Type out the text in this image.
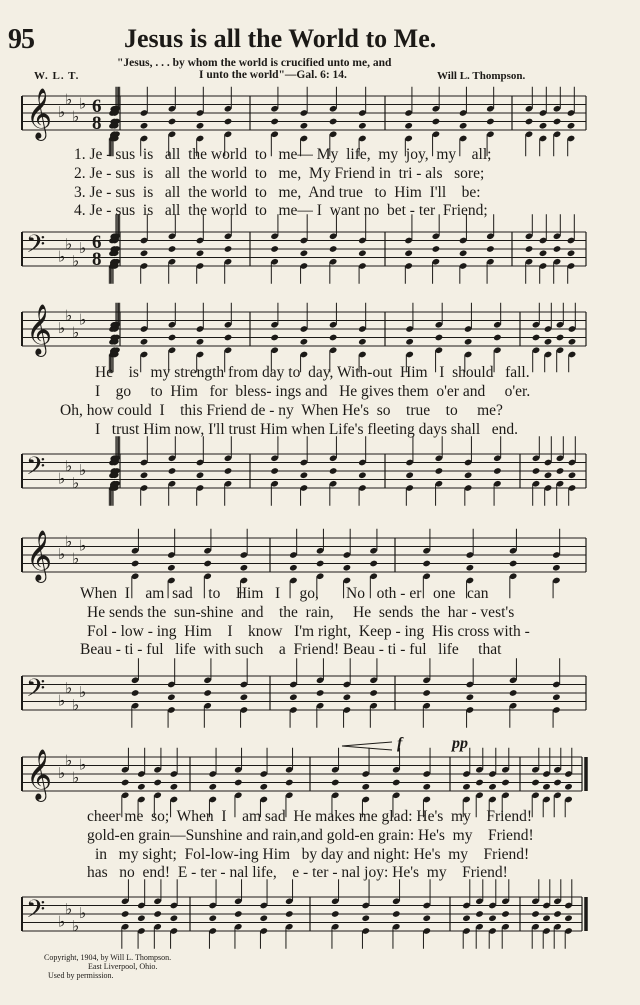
95	Jesus is all the World to Me.
"Jesus, . . . by whom the world is crucified unto me, and
I unto the world"—Gal. 6: 14.
W. L. T.	Will L. Thompson.
𝄞 ♭
♭
♭
♭ 6
8
1. Je - sus  is   all  the world  to   me— My  life,  my  joy,  my    all;
2. Je - sus  is   all  the world  to   me,  My Friend in  tri - als   sore;
3. Je - sus  is   all  the world  to   me,  And true   to  Him  I'll    be:
4. Je - sus  is   all  the world  to   me— I  want no  bet - ter  Friend;
𝄢 ♭
♭
♭
♭ 6
8
𝄞 ♭
♭
♭
♭
He    is   my strength from day to  day, With-out  Him   I  should   fall.
I    go     to  Him   for  bless- ings and   He gives them  o'er and     o'er.
Oh, how could  I    this Friend de - ny  When He's  so    true    to     me?
I   trust Him now, I'll trust Him when Life's fleeting days shall   end.
𝄢 ♭
♭
♭
♭
𝄞 ♭
♭
♭
♭
When  I    am  sad    to    Him   I     go,       No   oth - er   one   can
He sends the  sun-shine  and    the  rain,     He  sends  the  har - vest's
Fol - low - ing  Him    I    know   I'm right,  Keep - ing  His cross with -
Beau - ti - ful   life  with such    a  Friend! Beau - ti - ful   life     that
𝄢 ♭
♭
♭
♭
f	pp
𝄞 ♭
♭
♭
♭
cheer me  so;  When  I    am sad  He makes me glad: He's  my    Friend!
gold-en grain—Sunshine and rain,and gold-en grain: He's  my    Friend!
in   my sight;  Fol-low-ing Him   by day and night: He's  my    Friend!
has   no  end!  E - ter - nal life,    e - ter - nal joy: He's  my    Friend!
𝄢 ♭
♭
♭
♭
Copyright, 1904, by Will L. Thompson.
East Liverpool, Ohio.
Used by permission.
